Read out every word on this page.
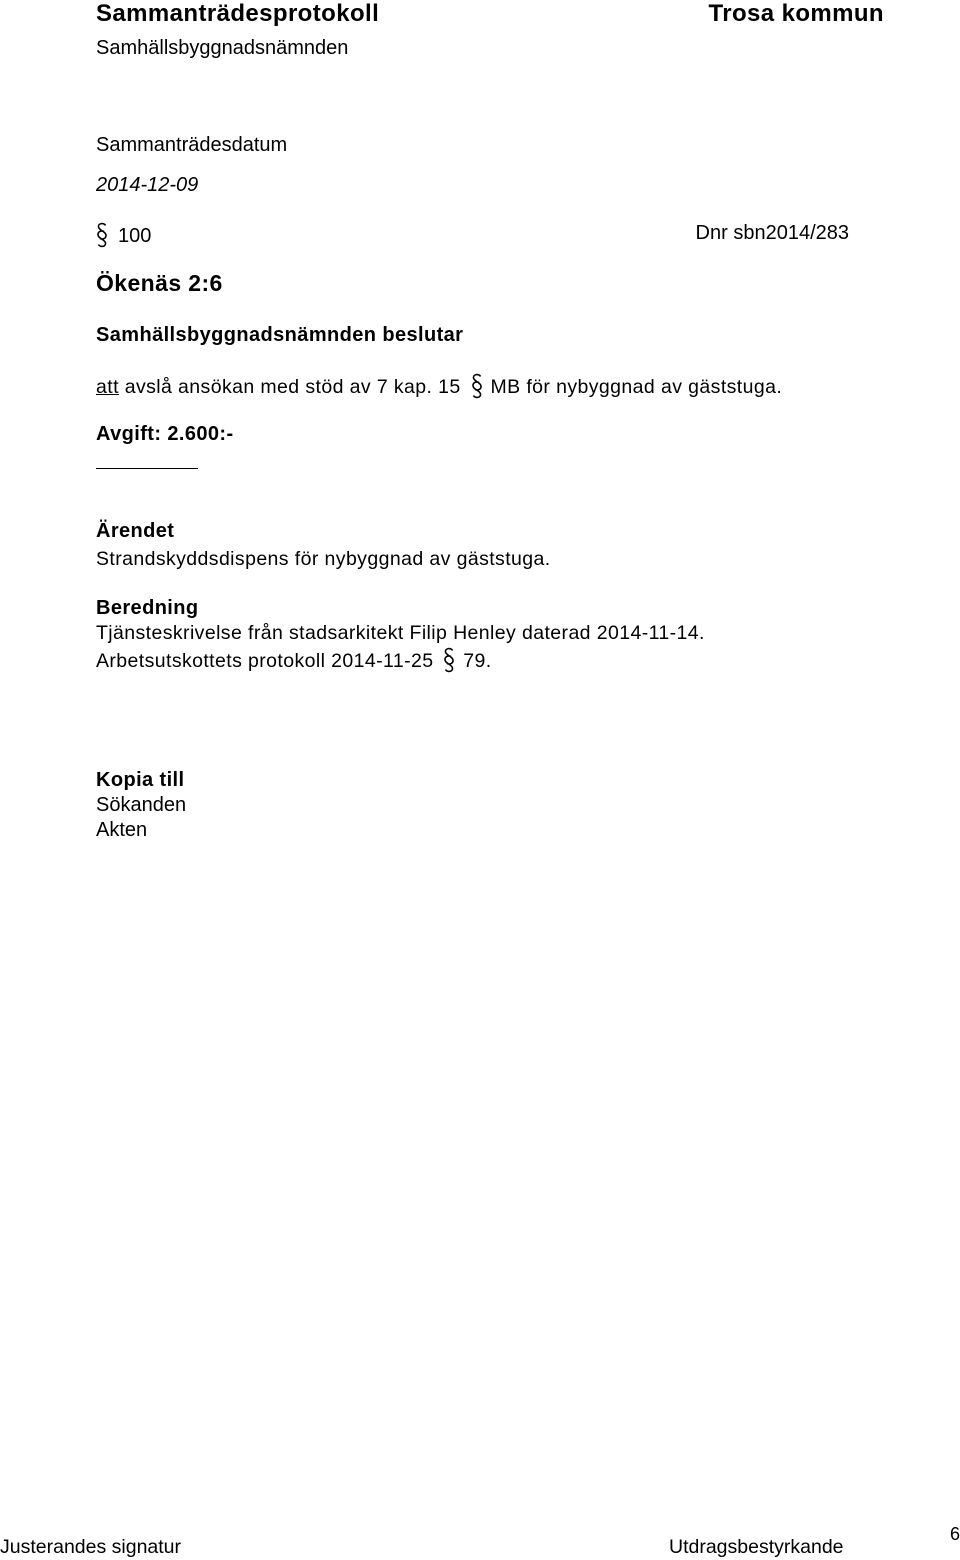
Sammanträdesprotokoll	Trosa kommun
Samhällsbyggnadsnämnden
Sammanträdesdatum
2014-12-09
100	Dnr sbn2014/283
Ökenäs 2:6
Samhällsbyggnadsnämnden beslutar
att avslå ansökan med stöd av 7 kap. 15 MB för nybyggnad av gäststuga.
Avgift: 2.600:-
Ärendet
Strandskyddsdispens för nybyggnad av gäststuga.
Beredning
Tjänsteskrivelse från stadsarkitekt Filip Henley daterad 2014-11-14.
Arbetsutskottets protokoll 2014-11-25 79.
Kopia till
Sökanden
Akten
Justerandes signatur	Utdragsbestyrkande
6
